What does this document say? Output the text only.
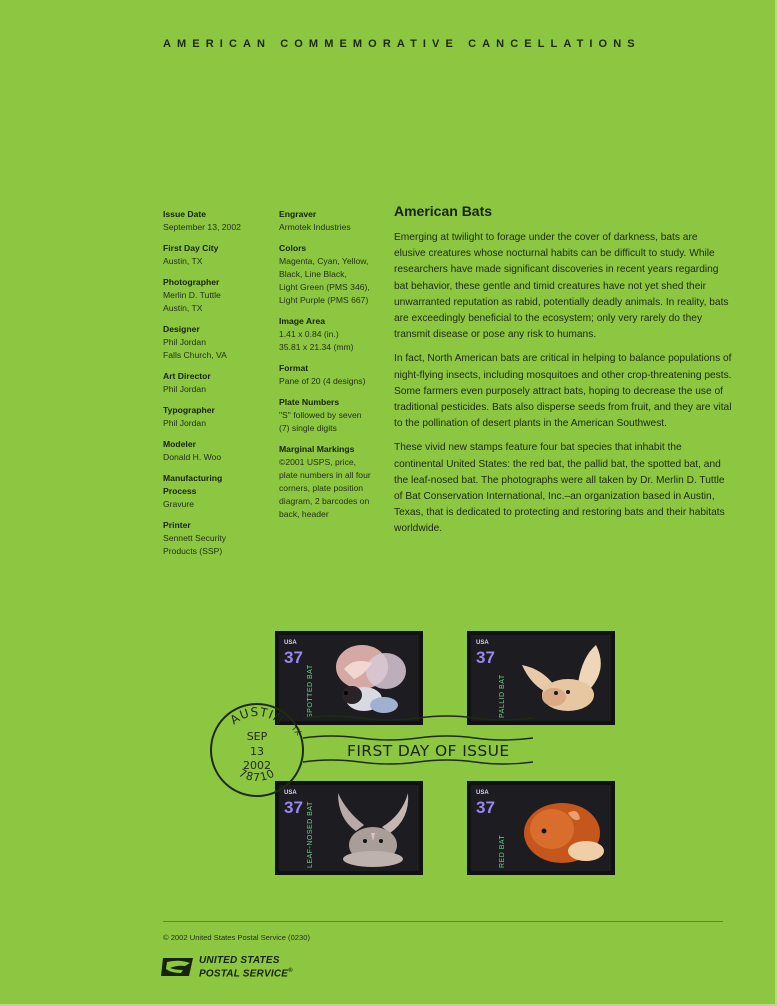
AMERICAN COMMEMORATIVE CANCELLATIONS
Issue Date
September 13, 2002
First Day City
Austin, TX
Photographer
Merlin D. Tuttle
Austin, TX
Designer
Phil Jordan
Falls Church, VA
Art Director
Phil Jordan
Typographer
Phil Jordan
Modeler
Donald H. Woo
Manufacturing Process
Gravure
Printer
Sennett Security
Products (SSP)
Engraver
Armotek Industries
Colors
Magenta, Cyan, Yellow,
Black, Line Black,
Light Green (PMS 346),
Light Purple (PMS 667)
Image Area
1.41 x 0.84 (in.)
35.81 x 21.34 (mm)
Format
Pane of 20 (4 designs)
Plate Numbers
"S" followed by seven
(7) single digits
Marginal Markings
©2001 USPS, price,
plate numbers in all four
corners, plate position
diagram, 2 barcodes on
back, header
American Bats

Emerging at twilight to forage under the cover of darkness, bats are elusive creatures whose nocturnal habits can be difficult to study. While researchers have made significant discoveries in recent years regarding bat behavior, these gentle and timid creatures have not yet shed their unwarranted reputation as rabid, potentially deadly animals. In reality, bats are exceedingly beneficial to the ecosystem; only very rarely do they transmit disease or pose any risk to humans.

In fact, North American bats are critical in helping to balance populations of night-flying insects, including mosquitoes and other crop-threatening pests. Some farmers even purposely attract bats, hoping to decrease the use of traditional pesticides. Bats also disperse seeds from fruit, and they are vital to the pollination of desert plants in the American Southwest.

These vivid new stamps feature four bat species that inhabit the continental United States: the red bat, the pallid bat, the spotted bat, and the leaf-nosed bat. The photographs were all taken by Dr. Merlin D. Tuttle of Bat Conservation International, Inc.–an organization based in Austin, Texas, that is dedicated to protecting and restoring bats and their habitats worldwide.

USA
37
SPOTTED BAT
USA
37
PALLID BAT
USA
37 LEAF-NOSED BAT
USA
37
RED BAT
FIRST DAY OF ISSUE
AUSTIN
78710
TX
SEP
13
2002
© 2002 United States Postal Service (0230)
UNITED STATES
POSTAL SERVICE®
